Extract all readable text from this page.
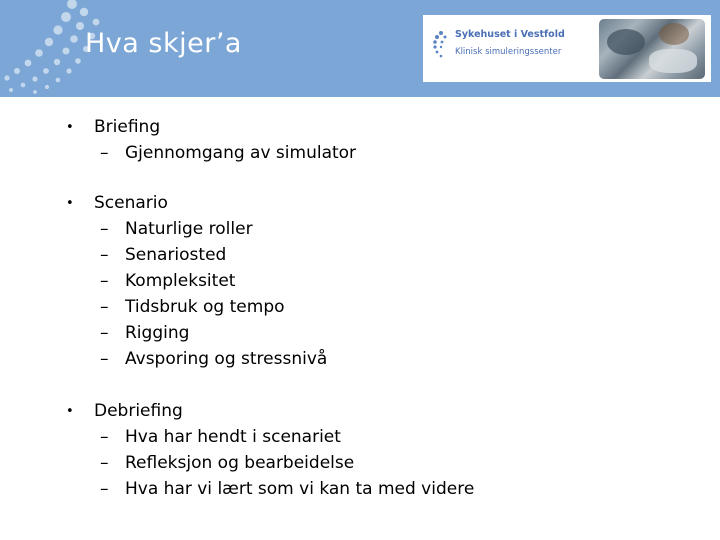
Hva skjer’a	Sykehuset i Vestfold
Klinisk simuleringssenter
• Briefing
– Gjennomgang av simulator
• Scenario
– Naturlige roller
– Senariosted
– Kompleksitet
– Tidsbruk og tempo
– Rigging
– Avsporing og stressnivå
• Debriefing
– Hva har hendt i scenariet
– Refleksjon og bearbeidelse
– Hva har vi lært som vi kan ta med videre
